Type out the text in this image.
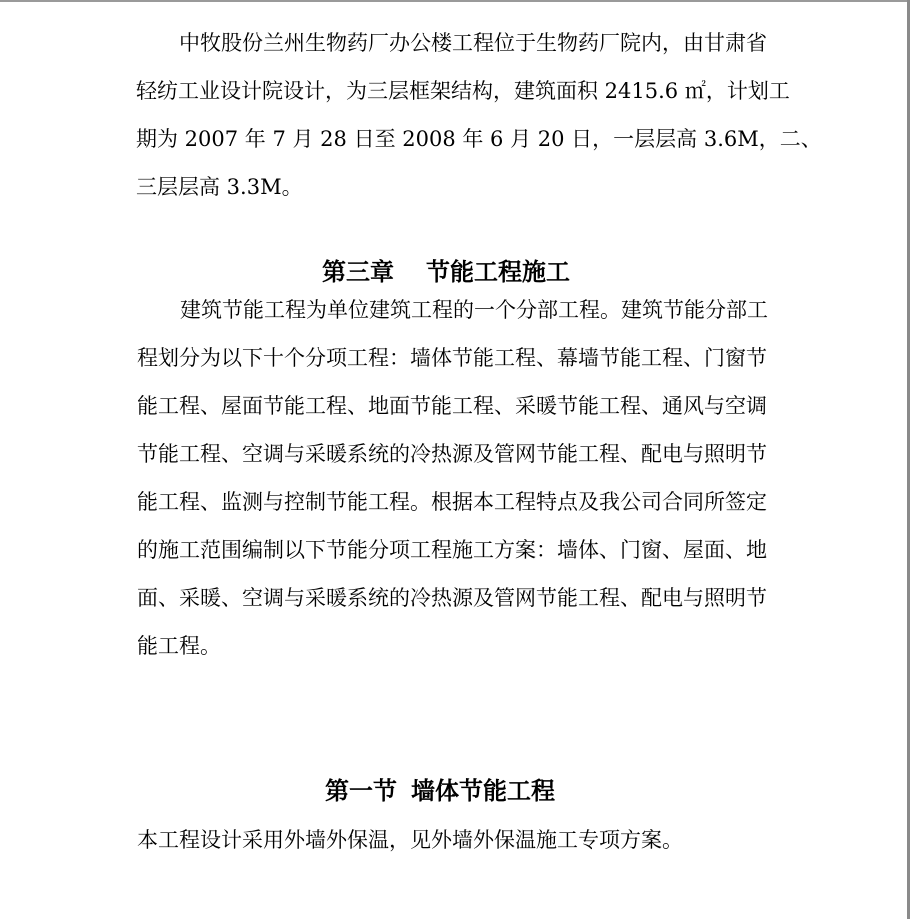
中牧股份兰州生物药厂办公楼工程位于生物药厂院内，由甘肃省
轻纺工业设计院设计，为三层框架结构，建筑面积 2415.6 ㎡，计划工
期为 2007 年 7 月 28 日至 2008 年 6 月 20 日，一层层高 3.6M，二、
三层层高 3.3M。
第三章 节能工程施工
建筑节能工程为单位建筑工程的一个分部工程。建筑节能分部工
程划分为以下十个分项工程：墙体节能工程、幕墙节能工程、门窗节
能工程、屋面节能工程、地面节能工程、采暖节能工程、通风与空调
节能工程、空调与采暖系统的冷热源及管网节能工程、配电与照明节
能工程、监测与控制节能工程。根据本工程特点及我公司合同所签定
的施工范围编制以下节能分项工程施工方案：墙体、门窗、屋面、地
面、采暖、空调与采暖系统的冷热源及管网节能工程、配电与照明节
能工程。
第一节 墙体节能工程

本工程设计采用外墙外保温，见外墙外保温施工专项方案。
